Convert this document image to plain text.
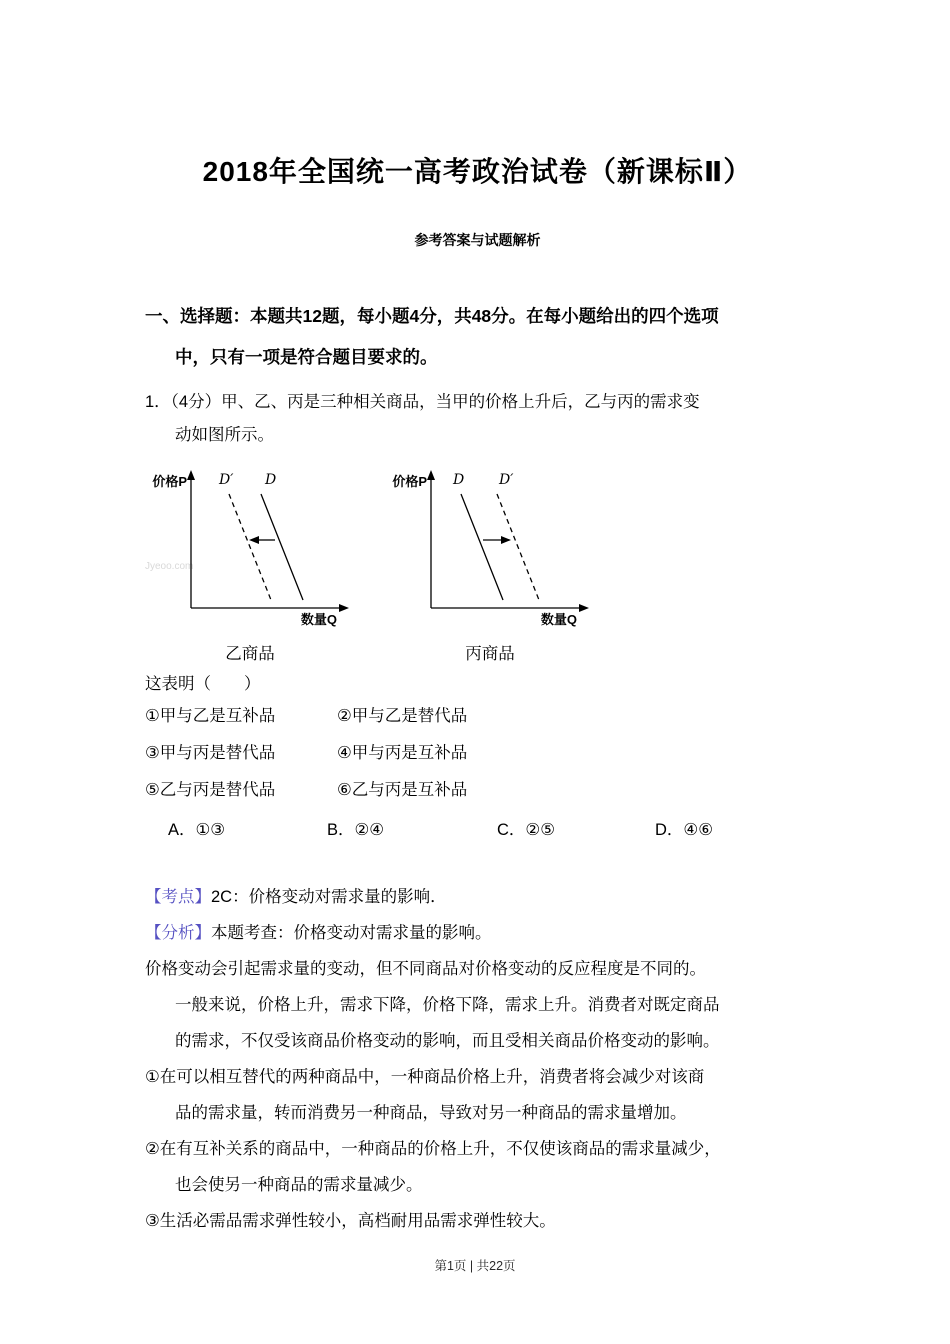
2018年全国统一高考政治试卷（新课标Ⅱ）
参考答案与试题解析
一、选择题：本题共12题，每小题4分，共48分。在每小题给出的四个选项
中，只有一项是符合题目要求的。
1．（4分）甲、乙、丙是三种相关商品，当甲的价格上升后，乙与丙的需求变
动如图所示。
Jyeoo.com
价格P
数量Q
D′ D
乙商品
价格P
数量Q
D D′
丙商品
这表明（　　）
①甲与乙是互补品	②甲与乙是替代品
③甲与丙是替代品	④甲与丙是互补品
⑤乙与丙是替代品	⑥乙与丙是互补品
A．①③	B．②④	C．②⑤	D．④⑥
【考点】2C：价格变动对需求量的影响．
【分析】本题考查：价格变动对需求量的影响。
价格变动会引起需求量的变动，但不同商品对价格变动的反应程度是不同的。
一般来说，价格上升，需求下降，价格下降，需求上升。消费者对既定商品
的需求，不仅受该商品价格变动的影响，而且受相关商品价格变动的影响。
①在可以相互替代的两种商品中，一种商品价格上升，消费者将会减少对该商
品的需求量，转而消费另一种商品，导致对另一种商品的需求量增加。
②在有互补关系的商品中，一种商品的价格上升，不仅使该商品的需求量减少，
也会使另一种商品的需求量减少。
③生活必需品需求弹性较小，高档耐用品需求弹性较大。
第1页 | 共22页
